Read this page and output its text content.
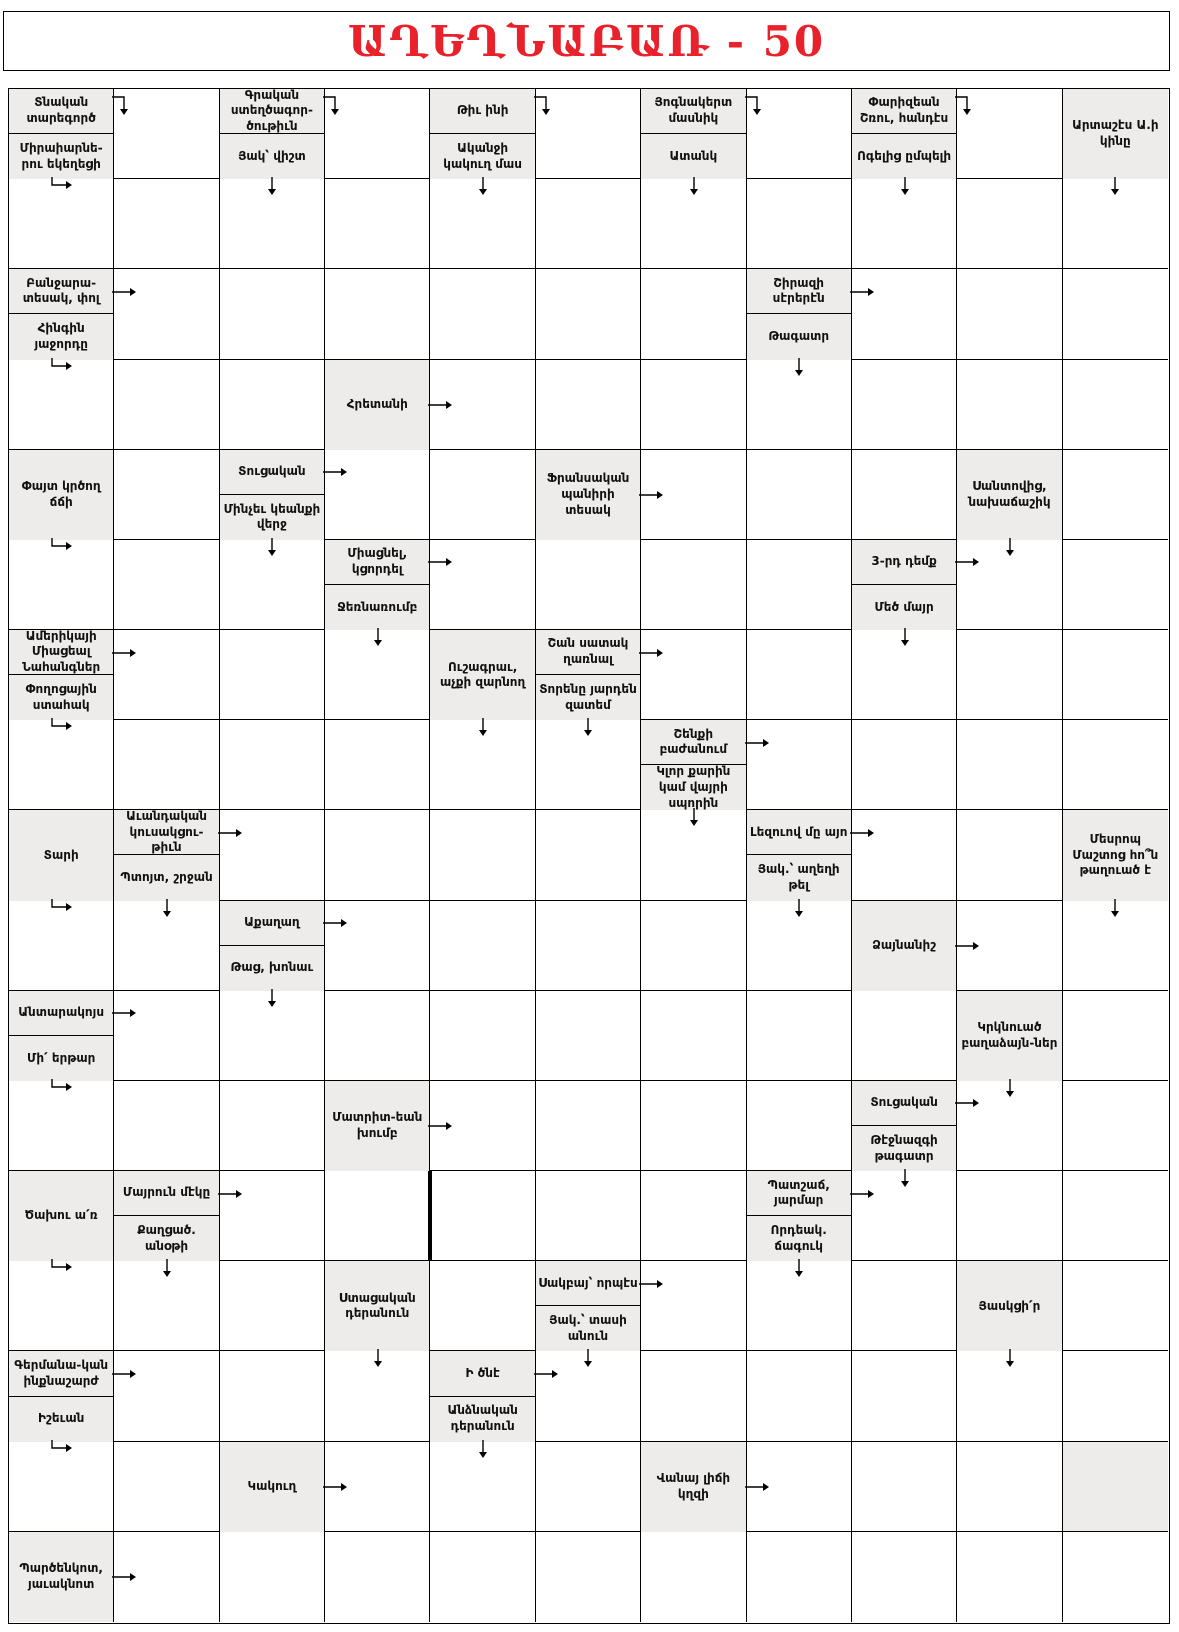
ԱՂԵՂՆԱԲԱՌ - 50
Տնական տարեգործ
Միրաիարնե-րու եկեղեցի
Գրական ստեղծագոր-ծութիւն
Յակ՝ վիշտ
Թիւ ինի
Ականջի կակուղ մաս
Յոգնակերտ մասնիկ
Ատանկ
Փարիզեան Շռու, հանդէս
Ոգելից ըմպելի
Արտաշէս Ա.ի կինը
Բանջարա-տեսակ, փոլ
Հինգին յաջորդը
Շիրազի սէրերէն
Թագատր
Հրետանի
Փայտ կրծող ճճի
Տուցական
Մինչեւ կեանքի վերջ
Ֆրանսական պանիրի տեսակ
Սանտովից, նախաճաշիկ
Միացնել, կցորդել
Ջեռնառումբ
3-րդ դեմք
Մեծ մայր
Ամերիկայի Միացեալ Նահանգներ
Փողոցային ստահակ
Ուշագրաւ, աչքի զարնող
Շան սատակ ղառնալ
Տորենը յարդեն զատեմ
Շենքի բաժանում
Կլոր քարին կամ վայրի սպորին
Տարի
Աւանդական կուսակցու-թիւն
Պտոյտ, շրջան
Լեզուով մը այո
Յակ.՝ աղեղի թել
Մեսրոպ Մաշտոց հո՞ն թաղուած է
Աքաղաղ
Թաց, խոնաւ
Ձայնանիշ
Անտարակոյս
Մի՛ երթար
Կրկնուած բաղաձայն-ներ
Մատրիտ-եան խումբ
Տուցական
Թէջնազգի թագատր
Ծախու ա՛ռ
Մայրուն մէկը
Քաղցած. անօթի
Պատշաճ, յարմար
Որդեակ. ճագուկ
Ստացական դերանուն
Սակբայ՝ որպէս
Յակ.՝ տասի անուն
Յասկցի՛ր
Գերմանա-կան ինքնաշարժ
Իշեւան
Ի ծնէ
Անձնական դերանուն
Կակուղ
Վանայ լիճի կղզի
Պարծենկոտ, յաւակնոտ
